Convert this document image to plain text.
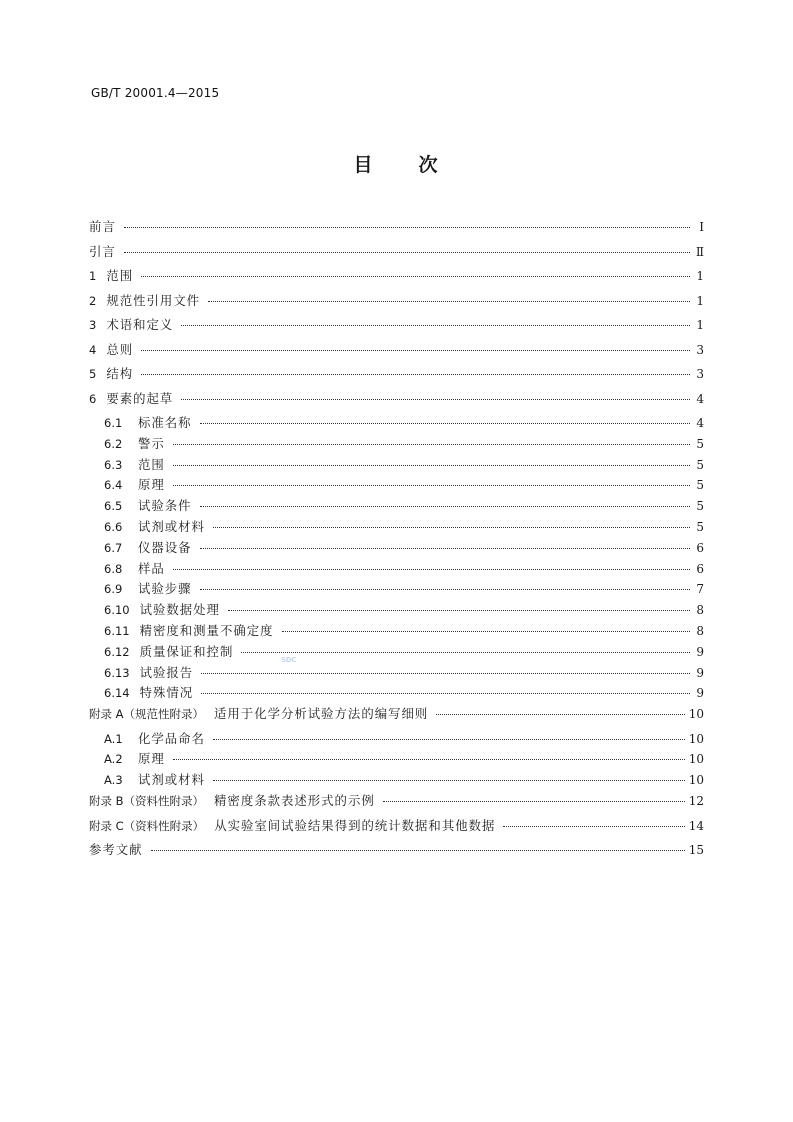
GB/T 20001.4—2015
目 次
前言	Ⅰ
引言	Ⅱ
1 范围	1
2 规范性引用文件	1
3 术语和定义	1
4 总则	3
5 结构	3
6 要素的起草	4
6.1	标准名称	4
6.2	警示	5
6.3	范围	5
6.4	原理	5
6.5	试验条件	5
6.6	试剂或材料	5
6.7	仪器设备	6
6.8	样品	6
6.9	试验步骤	7
6.10 试验数据处理	8
6.11 精密度和测量不确定度	8
6.12 质量保证和控制	9
6.13 试验报告	9
6.14 特殊情况	9
附录 A（规范性附录） 适用于化学分析试验方法的编写细则	10
A.1	化学品命名	10
A.2	原理	10
A.3	试剂或材料	10
附录 B（资料性附录） 精密度条款表述形式的示例	12
附录 C（资料性附录） 从实验室间试验结果得到的统计数据和其他数据	14
参考文献	15
SDC
